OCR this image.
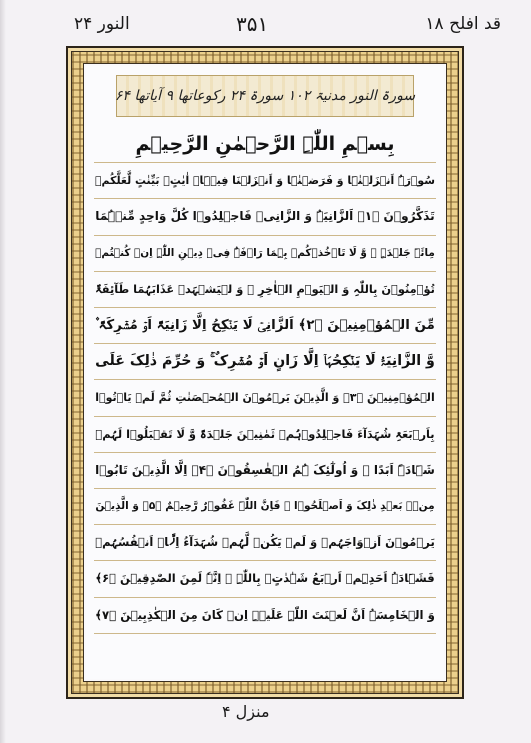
قد افلح ۱۸
۳۵۱
النور ۲۴
سورۃ النور مدنیۃ ۱۰۲ سورۃ ۲۴ رکوعاتھا ۹ آیاتھا ۶۴
بِسۡمِ اللّٰہِ الرَّحۡمٰنِ الرَّحِیۡمِ
سُوۡرَۃٌ اَنۡزَلۡنٰہَا وَ فَرَضۡنٰہَا وَ اَنۡزَلۡنَا فِیۡہَاۤ اٰیٰتٍۭ بَیِّنٰتٍ لَّعَلَّکُمۡ
تَذَکَّرُوۡنَ ﴿۱﴾ اَلزَّانِیَۃُ وَ الزَّانِیۡ فَاجۡلِدُوۡا کُلَّ وَاحِدٍ مِّنۡہُمَا
مِائَۃَ جَلۡدَۃٍ ۪ وَّ لَا تَاۡخُذۡکُمۡ بِہِمَا رَاۡفَۃٌ فِیۡ دِیۡنِ اللّٰہِ اِنۡ کُنۡتُمۡ
تُؤۡمِنُوۡنَ بِاللّٰہِ وَ الۡیَوۡمِ الۡاٰخِرِ ۚ وَ لۡیَشۡہَدۡ عَذَابَہُمَا طَآئِفَۃٌ
مِّنَ الۡمُؤۡمِنِیۡنَ ﴿۲﴾ اَلزَّانِیۡ لَا یَنۡکِحُ اِلَّا زَانِیَۃً اَوۡ مُشۡرِکَۃً ۫
وَّ الزَّانِیَۃُ لَا یَنۡکِحُہَاۤ اِلَّا زَانٍ اَوۡ مُشۡرِکٌ ۚ وَ حُرِّمَ ذٰلِکَ عَلَی
الۡمُؤۡمِنِیۡنَ ﴿۳﴾ وَ الَّذِیۡنَ یَرۡمُوۡنَ الۡمُحۡصَنٰتِ ثُمَّ لَمۡ یَاۡتُوۡا
بِاَرۡبَعَۃِ شُہَدَآءَ فَاجۡلِدُوۡہُمۡ ثَمٰنِیۡنَ جَلۡدَۃً وَّ لَا تَقۡبَلُوۡا لَہُمۡ
شَہَادَۃً اَبَدًا ۚ وَ اُولٰٓئِکَ ہُمُ الۡفٰسِقُوۡنَ ﴿۴﴾ اِلَّا الَّذِیۡنَ تَابُوۡا
مِنۡۢ بَعۡدِ ذٰلِکَ وَ اَصۡلَحُوۡا ۚ فَاِنَّ اللّٰہَ غَفُوۡرٌ رَّحِیۡمٌ ﴿۵﴾ وَ الَّذِیۡنَ
یَرۡمُوۡنَ اَزۡوَاجَہُمۡ وَ لَمۡ یَکُنۡ لَّہُمۡ شُہَدَآءُ اِلَّاۤ اَنۡفُسُہُمۡ
فَشَہَادَۃُ اَحَدِہِمۡ اَرۡبَعُ شَہٰدٰتٍۭ بِاللّٰہِ ۙ اِنَّہٗ لَمِنَ الصّٰدِقِیۡنَ ﴿۶﴾
وَ الۡخَامِسَۃُ اَنَّ لَعۡنَتَ اللّٰہِ عَلَیۡہِ اِنۡ کَانَ مِنَ الۡکٰذِبِیۡنَ ﴿۷﴾
منزل ۴
